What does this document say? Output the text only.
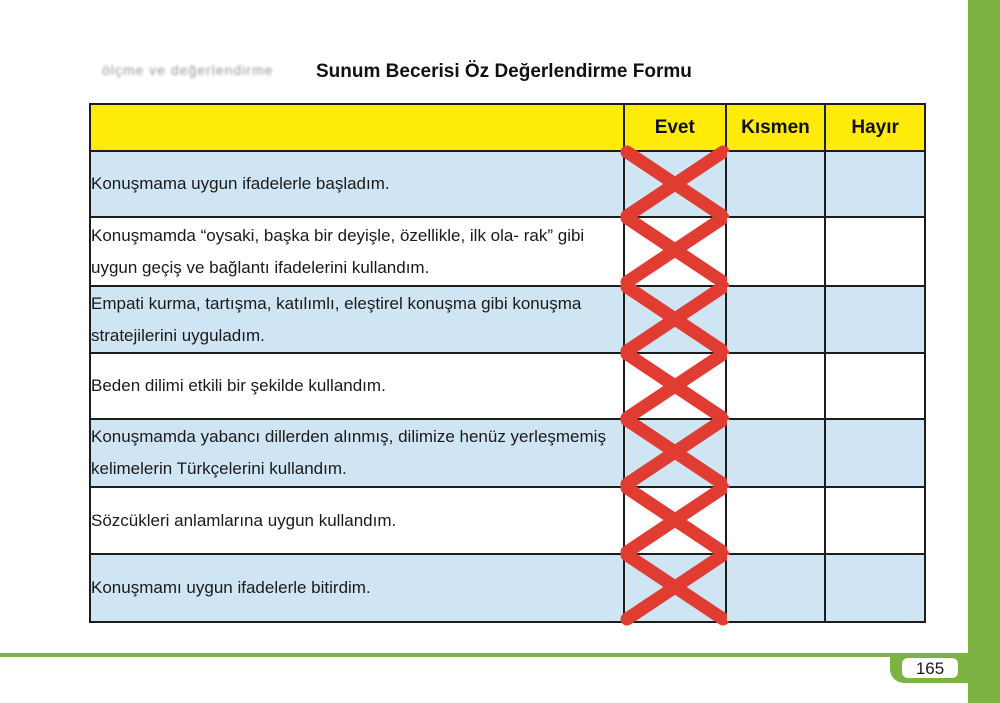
165
ölçme ve değerlendirme Sunum Becerisi Öz Değerlendirme Formu
	Evet	Kısmen	Hayır
Konuşmama uygun ifadelerle başladım.	

Konuşmamda “oysaki, başka bir deyişle, özellikle, ilk ola- rak” gibi uygun geçiş ve bağlantı ifadelerini kullandım.	

Empati kurma, tartışma, katılımlı, eleştirel konuşma gibi konuşma stratejilerini uyguladım.	

Beden dilimi etkili bir şekilde kullandım.	

Konuşmamda yabancı dillerden alınmış, dilimize henüz yerleşmemiş kelimelerin Türkçelerini kullandım.	

Sözcükleri anlamlarına uygun kullandım.	

Konuşmamı uygun ifadelerle bitirdim.	
